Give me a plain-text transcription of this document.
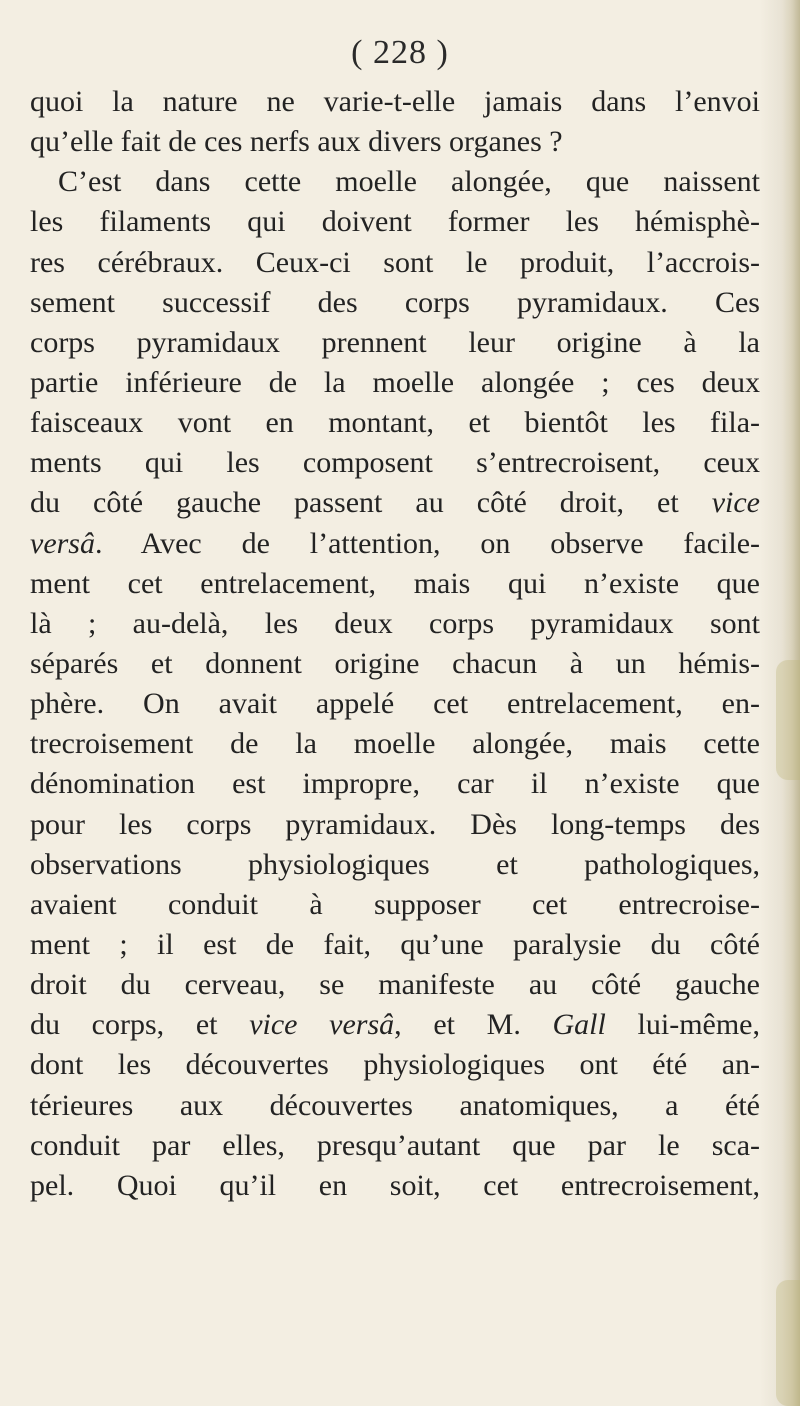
( 228 )
quoi la nature ne varie-t-elle jamais dans l’envoi
qu’elle fait de ces nerfs aux divers organes ?
C’est dans cette moelle alongée, que naissent
les filaments qui doivent former les hémisphè-
res cérébraux. Ceux-ci sont le produit, l’accrois-
sement successif des corps pyramidaux. Ces
corps pyramidaux prennent leur origine à la
partie inférieure de la moelle alongée ; ces deux
faisceaux vont en montant, et bientôt les fila-
ments qui les composent s’entrecroisent, ceux
du côté gauche passent au côté droit, et vice
versâ. Avec de l’attention, on observe facile-
ment cet entrelacement, mais qui n’existe que
là ; au-delà, les deux corps pyramidaux sont
séparés et donnent origine chacun à un hémis-
phère. On avait appelé cet entrelacement, en-
trecroisement de la moelle alongée, mais cette
dénomination est impropre, car il n’existe que
pour les corps pyramidaux. Dès long-temps des
observations physiologiques et pathologiques,
avaient conduit à supposer cet entrecroise-
ment ; il est de fait, qu’une paralysie du côté
droit du cerveau, se manifeste au côté gauche
du corps, et vice versâ, et M. Gall lui-même,
dont les découvertes physiologiques ont été an-
térieures aux découvertes anatomiques, a été
conduit par elles, presqu’autant que par le sca-
pel. Quoi qu’il en soit, cet entrecroisement,
